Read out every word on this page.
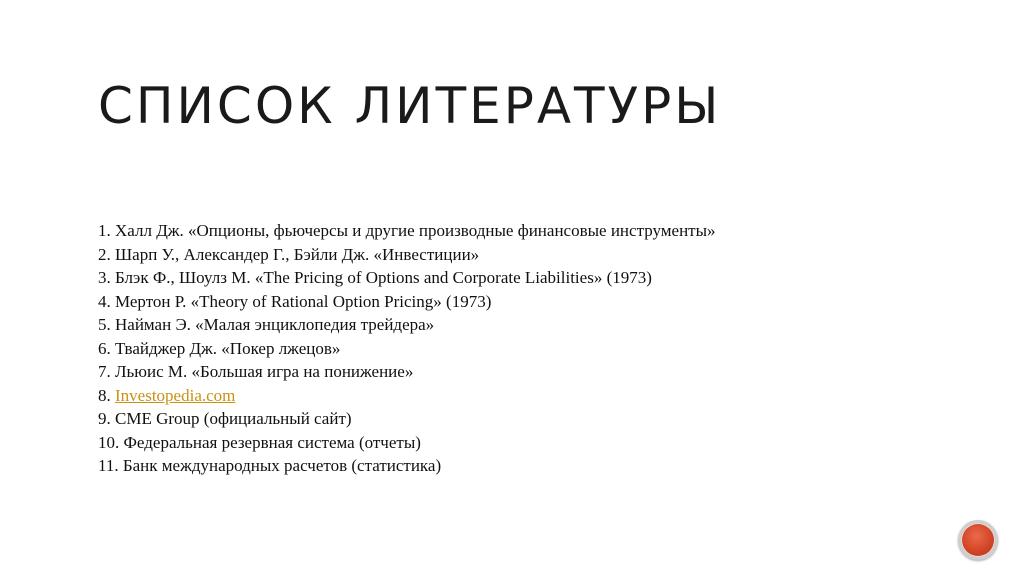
СПИСОК ЛИТЕРАТУРЫ
1. Халл Дж. «Опционы, фьючерсы и другие производные финансовые инструменты»
2. Шарп У., Александер Г., Бэйли Дж. «Инвестиции»
3. Блэк Ф., Шоулз М. «The Pricing of Options and Corporate Liabilities» (1973)
4. Мертон Р. «Theory of Rational Option Pricing» (1973)
5. Найман Э. «Малая энциклопедия трейдера»
6. Твайджер Дж. «Покер лжецов»
7. Льюис М. «Большая игра на понижение»
8. Investopedia.com
9. CME Group (официальный сайт)
10. Федеральная резервная система (отчеты)
11. Банк международных расчетов (статистика)
